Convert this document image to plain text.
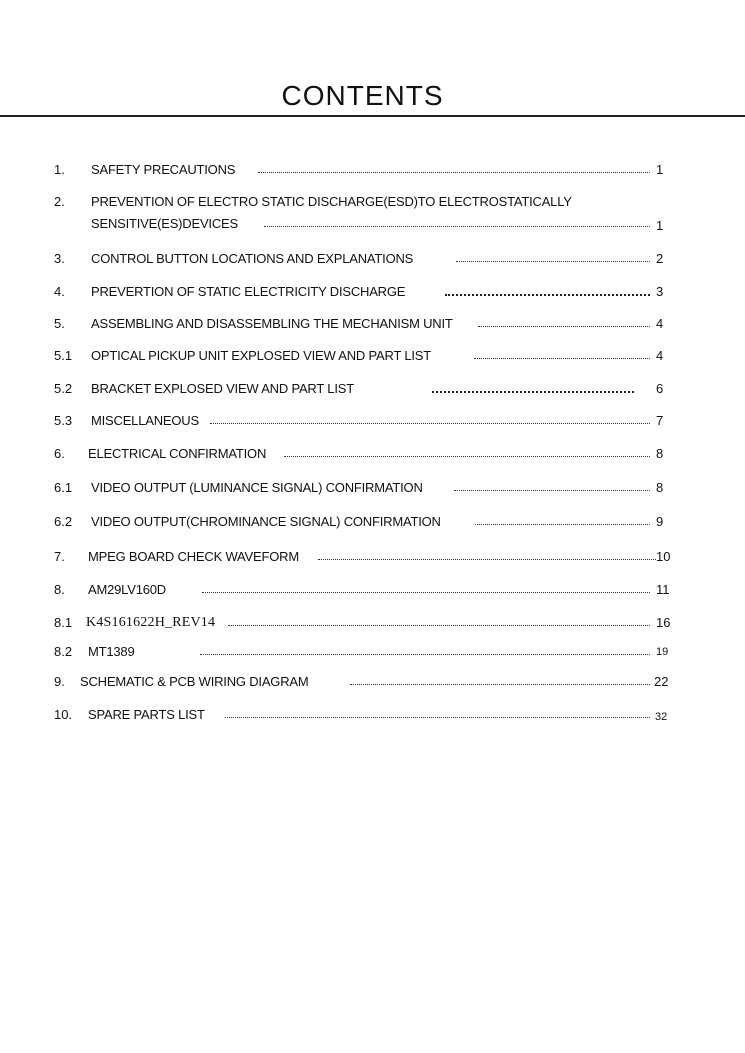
CONTENTS
1. SAFETY PRECAUTIONS	1
2. PREVENTION OF ELECTRO STATIC DISCHARGE(ESD)TO ELECTROSTATICALLY
SENSITIVE(ES)DEVICES	1
3. CONTROL BUTTON LOCATIONS AND EXPLANATIONS	2
4. PREVERTION OF STATIC ELECTRICITY DISCHARGE	3
5. ASSEMBLING AND DISASSEMBLING THE MECHANISM UNIT	4
5.1 OPTICAL PICKUP UNIT EXPLOSED VIEW AND PART LIST	4
5.2 BRACKET EXPLOSED VIEW AND PART LIST	6
5.3 MISCELLANEOUS	7
6. ELECTRICAL CONFIRMATION	8
6.1 VIDEO OUTPUT (LUMINANCE SIGNAL) CONFIRMATION	8
6.2 VIDEO OUTPUT(CHROMINANCE SIGNAL) CONFIRMATION	9
7. MPEG BOARD CHECK WAVEFORM	10
8. AM29LV160D	11
8.1 K4S161622H_REV14	16
8.2 MT1389	19
9. SCHEMATIC & PCB WIRING DIAGRAM	22
10. SPARE PARTS LIST	32
